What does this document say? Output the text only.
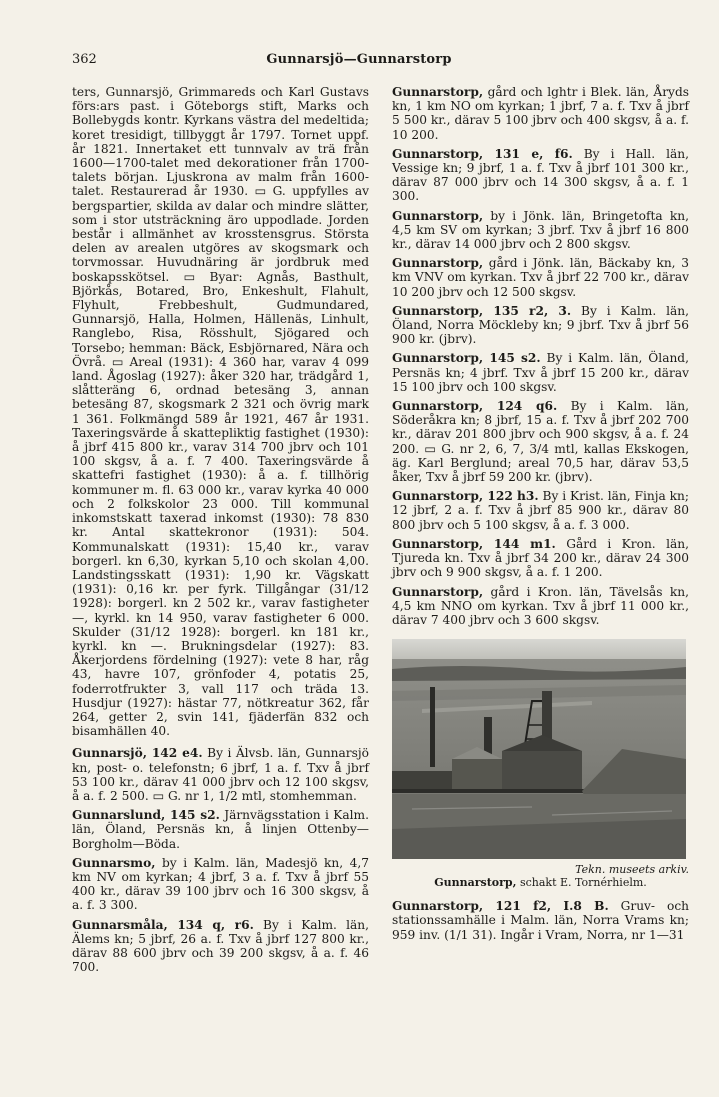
362	Gunnarsjö—Gunnarstorp

ters, Gunnarsjö, Grimmareds och Karl Gustavs förs:ars past. i Göteborgs stift, Marks och Bollebygds kontr. Kyrkans västra del medeltida; koret tresidigt, tillbyggt år 1797. Tornet uppf. år 1821. Innertaket ett tunnvalv av trä från 1600—1700-talet med dekorationer från 1700-talets början. Ljuskrona av malm från 1600-talet. Restaurerad år 1930. ▭ G. uppfylles av bergspartier, skilda av dalar och mindre slätter, som i stor utsträckning äro uppodlade. Jorden består i allmänhet av krosstensgrus. Största delen av arealen utgöres av skogsmark och torvmossar. Huvudnäring är jordbruk med boskapsskötsel. ▭ Byar: Agnås, Basthult, Björkås, Botared, Bro, Enkeshult, Flahult, Flyhult, Frebbeshult, Gudmundared, Gunnarsjö, Halla, Holmen, Hällenäs, Linhult, Ranglebo, Risa, Rösshult, Sjögared och Torsebo; hemman: Bäck, Esbjörnared, Nära och Övrå. ▭ Areal (1931): 4 360 har, varav 4 099 land. Ågoslag (1927): åker 320 har, trädgård 1, slåtteräng 6, ordnad betesäng 3, annan betesäng 87, skogsmark 2 321 och övrig mark 1 361. Folkmängd 589 år 1921, 467 år 1931. Taxeringsvärde å skattepliktig fastighet (1930): å jbrf 415 800 kr., varav 314 700 jbrv och 101 100 skgsv, å a. f. 7 400. Taxeringsvärde å skattefri fastighet (1930): å a. f. tillhörig kommuner m. fl. 63 000 kr., varav kyrka 40 000 och 2 folkskolor 23 000. Till kommunal inkomstskatt taxerad inkomst (1930): 78 830 kr. Antal skattekronor (1931): 504. Kommunalskatt (1931): 15,40 kr., varav borgerl. kn 6,30, kyrkan 5,10 och skolan 4,00. Landstingsskatt (1931): 1,90 kr. Vägskatt (1931): 0,16 kr. per fyrk. Tillgångar (31/12 1928): borgerl. kn 2 502 kr., varav fastigheter —, kyrkl. kn 14 950, varav fastigheter 6 000. Skulder (31/12 1928): borgerl. kn 181 kr., kyrkl. kn —. Brukningsdelar (1927): 83. Åkerjordens fördelning (1927): vete 8 har, råg 43, havre 107, grönfoder 4, potatis 25, foderrotfrukter 3, vall 117 och träda 13. Husdjur (1927): hästar 77, nötkreatur 362, får 264, getter 2, svin 141, fjäderfän 832 och bisamhällen 40.

Gunnarsjö, 142 e4. By i Älvsb. län, Gunnarsjö kn, post- o. telefonstn; 6 jbrf, 1 a. f. Txv å jbrf 53 100 kr., därav 41 000 jbrv och 12 100 skgsv, å a. f. 2 500. ▭ G. nr 1, 1/2 mtl, stomhemman.

Gunnarslund, 145 s2. Järnvägsstation i Kalm. län, Öland, Persnäs kn, å linjen Ottenby—Borgholm—Böda.

Gunnarsmo, by i Kalm. län, Madesjö kn, 4,7 km NV om kyrkan; 4 jbrf, 3 a. f. Txv å jbrf 55 400 kr., därav 39 100 jbrv och 16 300 skgsv, å a. f. 3 300.

Gunnarsmåla, 134 q, r6. By i Kalm. län, Älems kn; 5 jbrf, 26 a. f. Txv å jbrf 127 800 kr., därav 88 600 jbrv och 39 200 skgsv, å a. f. 46 700.

Gunnarstorp, gård och lghtr i Blek. län, Åryds kn, 1 km NO om kyrkan; 1 jbrf, 7 a. f. Txv å jbrf 5 500 kr., därav 5 100 jbrv och 400 skgsv, å a. f. 10 200.

Gunnarstorp, 131 e, f6. By i Hall. län, Vessige kn; 9 jbrf, 1 a. f. Txv å jbrf 101 300 kr., därav 87 000 jbrv och 14 300 skgsv, å a. f. 1 300.

Gunnarstorp, by i Jönk. län, Bringetofta kn, 4,5 km SV om kyrkan; 3 jbrf. Txv å jbrf 16 800 kr., därav 14 000 jbrv och 2 800 skgsv.

Gunnarstorp, gård i Jönk. län, Bäckaby kn, 3 km VNV om kyrkan. Txv å jbrf 22 700 kr., därav 10 200 jbrv och 12 500 skgsv.

Gunnarstorp, 135 r2, 3. By i Kalm. län, Öland, Norra Möckleby kn; 9 jbrf. Txv å jbrf 56 900 kr. (jbrv).

Gunnarstorp, 145 s2. By i Kalm. län, Öland, Persnäs kn; 4 jbrf. Txv å jbrf 15 200 kr., därav 15 100 jbrv och 100 skgsv.

Gunnarstorp, 124 q6. By i Kalm. län, Söderåkra kn; 8 jbrf, 15 a. f. Txv å jbrf 202 700 kr., därav 201 800 jbrv och 900 skgsv, å a. f. 24 200. ▭ G. nr 2, 6, 7, 3/4 mtl, kallas Ekskogen, äg. Karl Berglund; areal 70,5 har, därav 53,5 åker, Txv å jbrf 59 200 kr. (jbrv).

Gunnarstorp, 122 h3. By i Krist. län, Finja kn; 12 jbrf, 2 a. f. Txv å jbrf 85 900 kr., därav 80 800 jbrv och 5 100 skgsv, å a. f. 3 000.

Gunnarstorp, 144 m1. Gård i Kron. län, Tjureda kn. Txv å jbrf 34 200 kr., därav 24 300 jbrv och 9 900 skgsv, å a. f. 1 200.

Gunnarstorp, gård i Kron. län, Tävelsås kn, 4,5 km NNO om kyrkan. Txv å jbrf 11 000 kr., därav 7 400 jbrv och 3 600 skgsv.

Tekn. museets arkiv.
Gunnarstorp, schakt E. Tornérhielm.

Gunnarstorp, 121 f2, I.8 B. Gruv- och stationssamhälle i Malm. län, Norra Vrams kn; 959 inv. (1/1 31). Ingår i Vram, Norra, nr 1—31
